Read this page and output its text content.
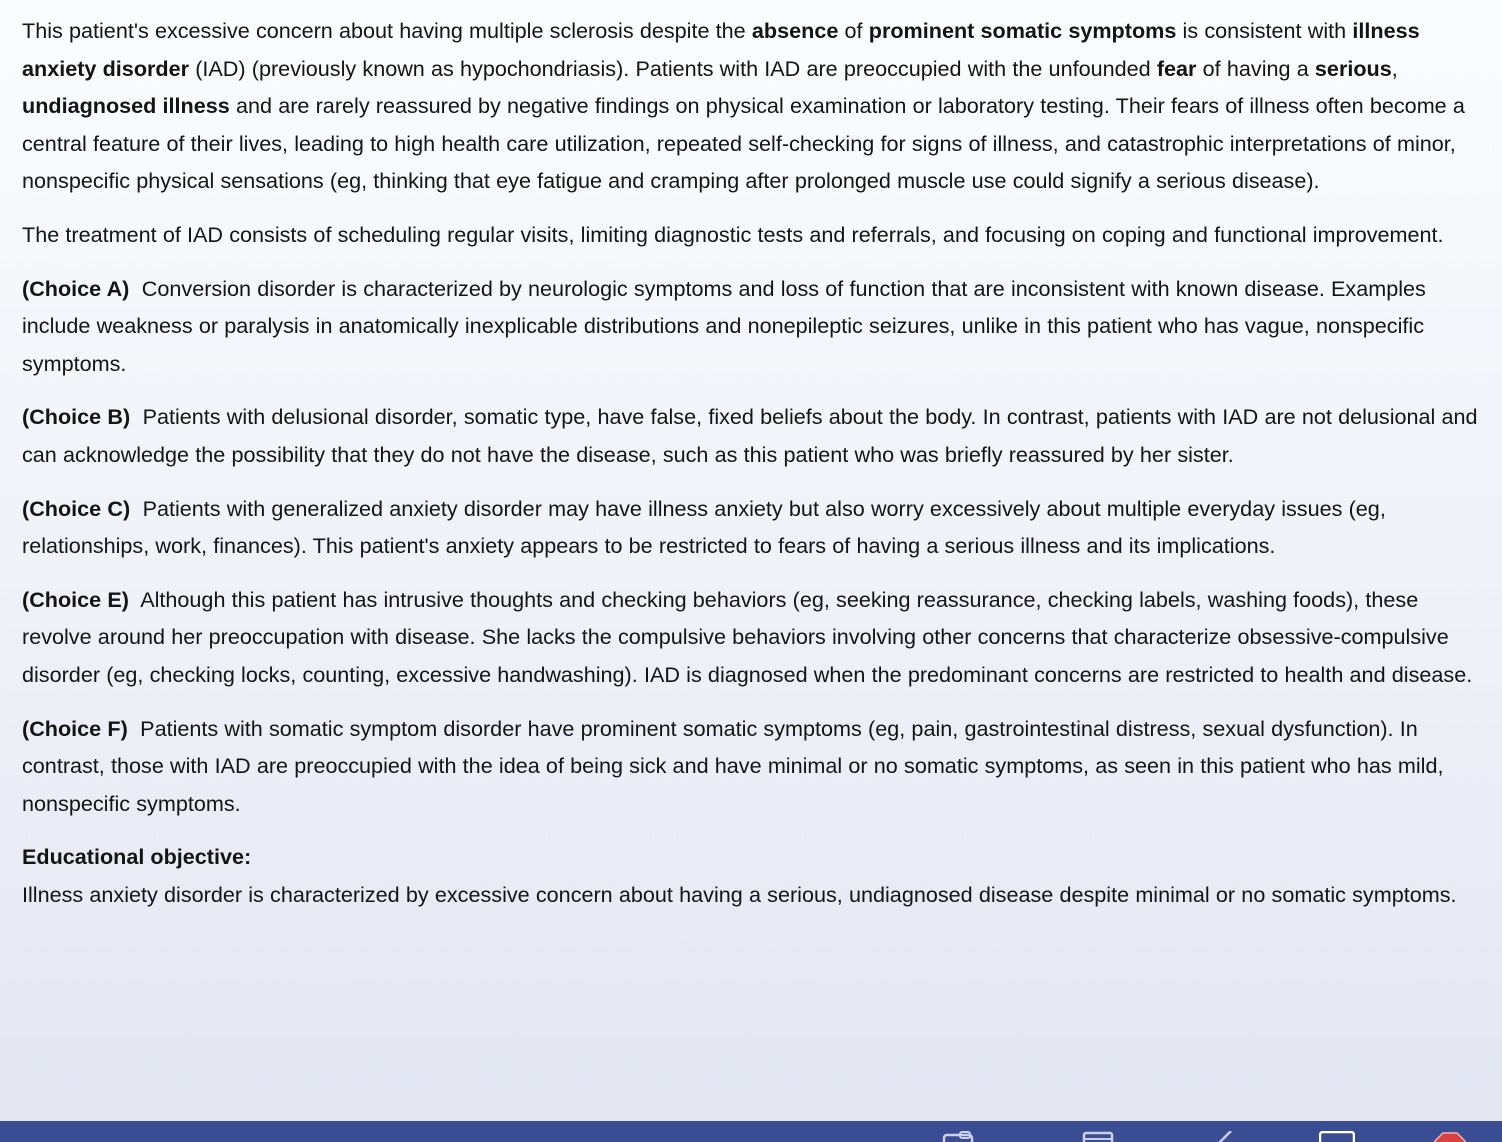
This patient's excessive concern about having multiple sclerosis despite the absence of prominent somatic symptoms is consistent with illness anxiety disorder (IAD) (previously known as hypochondriasis). Patients with IAD are preoccupied with the unfounded fear of having a serious, undiagnosed illness and are rarely reassured by negative findings on physical examination or laboratory testing. Their fears of illness often become a central feature of their lives, leading to high health care utilization, repeated self-checking for signs of illness, and catastrophic interpretations of minor, nonspecific physical sensations (eg, thinking that eye fatigue and cramping after prolonged muscle use could signify a serious disease).

The treatment of IAD consists of scheduling regular visits, limiting diagnostic tests and referrals, and focusing on coping and functional improvement.

(Choice A) Conversion disorder is characterized by neurologic symptoms and loss of function that are inconsistent with known disease. Examples include weakness or paralysis in anatomically inexplicable distributions and nonepileptic seizures, unlike in this patient who has vague, nonspecific symptoms.

(Choice B) Patients with delusional disorder, somatic type, have false, fixed beliefs about the body. In contrast, patients with IAD are not delusional and can acknowledge the possibility that they do not have the disease, such as this patient who was briefly reassured by her sister.

(Choice C) Patients with generalized anxiety disorder may have illness anxiety but also worry excessively about multiple everyday issues (eg, relationships, work, finances). This patient's anxiety appears to be restricted to fears of having a serious illness and its implications.

(Choice E) Although this patient has intrusive thoughts and checking behaviors (eg, seeking reassurance, checking labels, washing foods), these revolve around her preoccupation with disease. She lacks the compulsive behaviors involving other concerns that characterize obsessive-compulsive disorder (eg, checking locks, counting, excessive handwashing). IAD is diagnosed when the predominant concerns are restricted to health and disease.

(Choice F) Patients with somatic symptom disorder have prominent somatic symptoms (eg, pain, gastrointestinal distress, sexual dysfunction). In contrast, those with IAD are preoccupied with the idea of being sick and have minimal or no somatic symptoms, as seen in this patient who has mild, nonspecific symptoms.

Educational objective:

Illness anxiety disorder is characterized by excessive concern about having a serious, undiagnosed disease despite minimal or no somatic symptoms.
